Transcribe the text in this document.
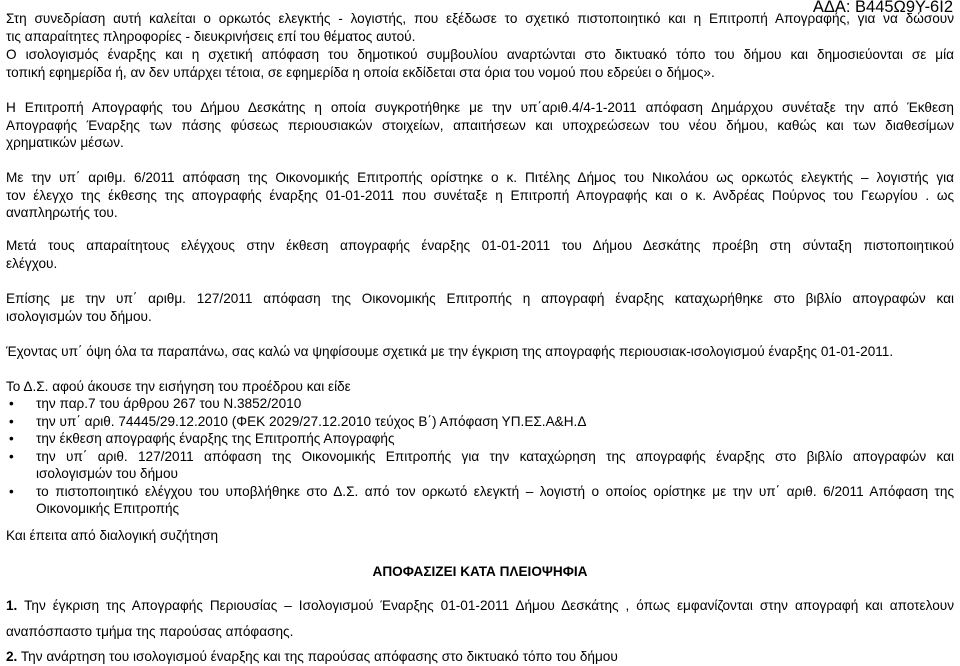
ΑΔΑ: Β445Ω9Υ-6Ι2
Στη συνεδρίαση αυτή καλείται ο ορκωτός ελεγκτής - λογιστής, που εξέδωσε το σχετικό πιστοποιητικό και η Επιτροπή Απογραφής, για να δώσουν
τις απαραίτητες πληροφορίες - διευκρινήσεις επί του θέματος αυτού.
Ο ισολογισμός έναρξης και η σχετική απόφαση του δημοτικού συμβουλίου αναρτώνται στο δικτυακό τόπο του δήμου και δημοσιεύονται σε μία
τοπική εφημερίδα ή, αν δεν υπάρχει τέτοια, σε εφημερίδα η οποία εκδίδεται στα όρια του νομού που εδρεύει ο δήμος».
Η Επιτροπή Απογραφής του Δήμου Δεσκάτης η οποία συγκροτήθηκε με την υπ΄αριθ.4/4-1-2011 απόφαση Δημάρχου συνέταξε την από Έκθεση
Απογραφής Έναρξης των πάσης φύσεως περιουσιακών στοιχείων, απαιτήσεων και υποχρεώσεων του νέου δήμου, καθώς και των διαθεσίμων
χρηματικών μέσων.
Με την υπ΄ αριθμ. 6/2011 απόφαση της Οικονομικής Επιτροπής ορίστηκε ο κ. Πιτέλης Δήμος του Νικολάου ως ορκωτός ελεγκτής – λογιστής για
τον έλεγχο της έκθεσης της απογραφής έναρξης 01-01-2011 που συνέταξε η Επιτροπή Απογραφής και ο κ. Ανδρέας Πούρνος του Γεωργίου . ως
αναπληρωτής του.
Μετά τους απαραίτητους ελέγχους στην έκθεση απογραφής έναρξης 01-01-2011 του Δήμου Δεσκάτης προέβη στη σύνταξη πιστοποιητικού
ελέγχου.
Επίσης με την υπ΄ αριθμ. 127/2011 απόφαση της Οικονομικής Επιτροπής η απογραφή έναρξης καταχωρήθηκε στο βιβλίο απογραφών και
ισολογισμών του δήμου.
Έχοντας υπ΄ όψη όλα τα παραπάνω, σας καλώ να ψηφίσουμε σχετικά με την έγκριση της απογραφής περιουσιακ-ισολογισμού έναρξης 01-01-2011.
Το Δ.Σ. αφού άκουσε την εισήγηση του προέδρου και είδε
• την παρ.7 του άρθρου 267 του Ν.3852/2010
• την υπ΄ αριθ. 74445/29.12.2010 (ΦΕΚ 2029/27.12.2010 τεύχος Β΄) Απόφαση ΥΠ.ΕΣ.Α&Η.Δ
• την έκθεση απογραφής έναρξης της Επιτροπής Απογραφής
• την υπ΄ αριθ. 127/2011 απόφαση της Οικονομικής Επιτροπής για την καταχώρηση της απογραφής έναρξης στο βιβλίο απογραφών και
ισολογισμών του δήμου
• το πιστοποιητικό ελέγχου του υποβλήθηκε στο Δ.Σ. από τον ορκωτό ελεγκτή – λογιστή ο οποίος ορίστηκε με την υπ΄ αριθ. 6/2011 Απόφαση της
Οικονομικής Επιτροπής
Και έπειτα από διαλογική συζήτηση
ΑΠΟΦΑΣΙΖΕΙ ΚΑΤΑ ΠΛΕΙΟΨΗΦΙΑ
1. Την έγκριση της Απογραφής Περιουσίας – Ισολογισμού Έναρξης 01-01-2011 Δήμου Δεσκάτης , όπως εμφανίζονται στην απογραφή και αποτελουν
αναπόσπαστο τμήμα της παρούσας απόφασης.
2. Την ανάρτηση του ισολογισμού έναρξης και της παρούσας απόφασης στο δικτυακό τόπο του δήμου
